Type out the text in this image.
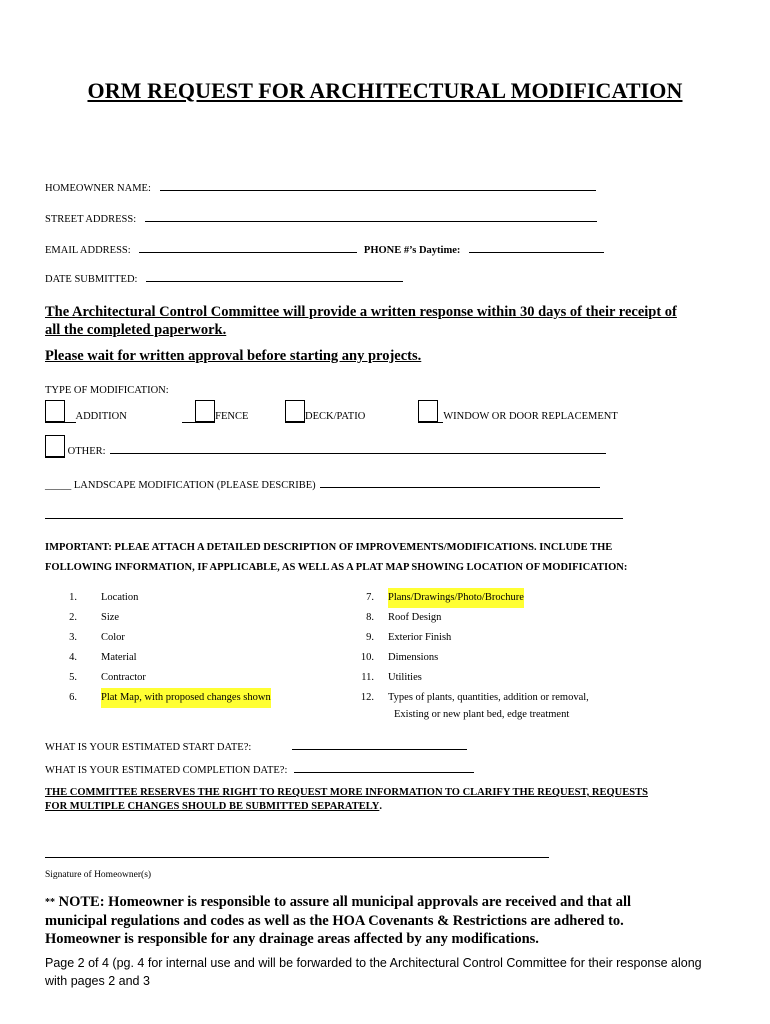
ORM REQUEST FOR ARCHITECTURAL MODIFICATION
HOMEOWNER NAME:
STREET ADDRESS:
EMAIL ADDRESS:	PHONE #’s Daytime:
DATE SUBMITTED:
The Architectural Control Committee will provide a written response within 30 days of their receipt of
all the completed paperwork.
Please wait for written approval before starting any projects.
TYPE OF MODIFICATION:
ADDITION	FENCE	DECK/PATIO	WINDOW OR DOOR REPLACEMENT
OTHER:
_____ LANDSCAPE MODIFICATION (PLEASE DESCRIBE)
IMPORTANT: PLEAE ATTACH A DETAILED DESCRIPTION OF IMPROVEMENTS/MODIFICATIONS. INCLUDE THE
FOLLOWING INFORMATION, IF APPLICABLE, AS WELL AS A PLAT MAP SHOWING LOCATION OF MODIFICATION:
1. Location
2. Size
3. Color
4. Material
5. Contractor
6. Plat Map, with proposed changes shown
7. Plans/Drawings/Photo/Brochure
8. Roof Design
9. Exterior Finish
10. Dimensions
11. Utilities
12. Types of plants, quantities, addition or removal,
Existing or new plant bed, edge treatment
WHAT IS YOUR ESTIMATED START DATE?:
WHAT IS YOUR ESTIMATED COMPLETION DATE?:
THE COMMITTEE RESERVES THE RIGHT TO REQUEST MORE INFORMATION TO CLARIFY THE REQUEST, REQUESTS
FOR MULTIPLE CHANGES SHOULD BE SUBMITTED SEPARATELY.
Signature of Homeowner(s)
** NOTE: Homeowner is responsible to assure all municipal approvals are received and that all
municipal regulations and codes as well as the HOA Covenants & Restrictions are adhered to.
Homeowner is responsible for any drainage areas affected by any modifications.
Page 2 of 4 (pg. 4 for internal use and will be forwarded to the Architectural Control Committee for their response along
with pages 2 and 3
